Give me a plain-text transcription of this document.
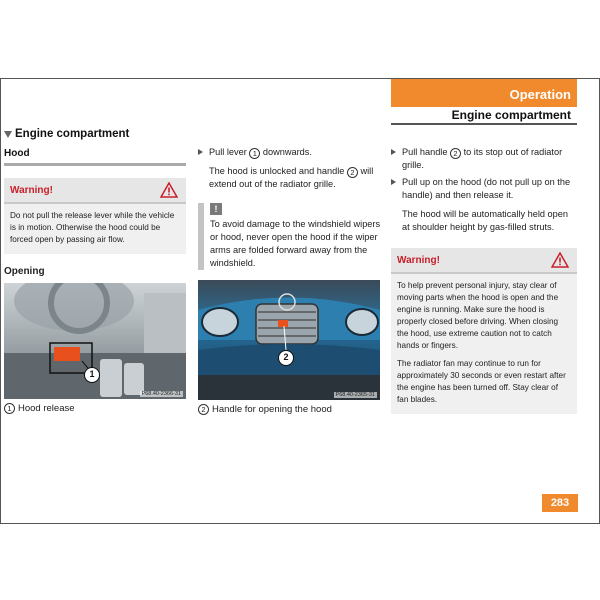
Operation
Engine compartment
Engine compartment
Hood
Warning!

Do not pull the release lever while the vehicle is in motion. Otherwise the hood could be forced open by passing air flow.

Opening
1
P68.40-2366-31
1 Hood release
Pull lever 1 downwards.
The hood is unlocked and handle 2 will extend out of the radiator grille.
!
To avoid damage to the windshield wipers or hood, never open the hood if the wiper arms are folded forward away from the windshield.
2
P68.40-2365-31
2 Handle for opening the hood
Pull handle 2 to its stop out of radiator grille.
Pull up on the hood (do not pull up on the handle) and then release it.
The hood will be automatically held open at shoulder height by gas-filled struts.
Warning!

To help prevent personal injury, stay clear of moving parts when the hood is open and the engine is running. Make sure the hood is properly closed before driving. When closing the hood, use extreme caution not to catch hands or fingers.

The radiator fan may continue to run for approximately 30 seconds or even restart after the engine has been turned off. Stay clear of fan blades.

283
